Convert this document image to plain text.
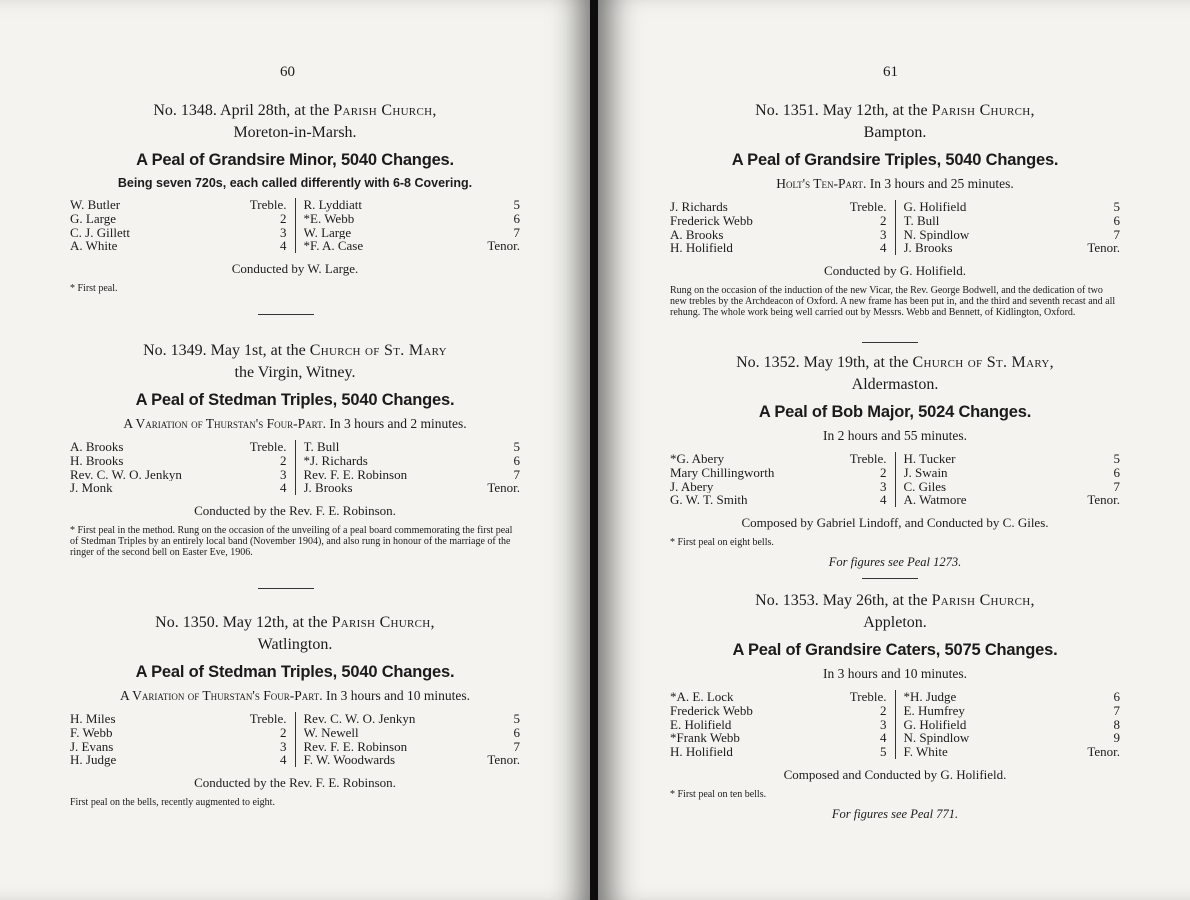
60
No. 1348. April 28th, at the Parish Church,
Moreton-in-Marsh.
A Peal of Grandsire Minor, 5040 Changes.
Being seven 720s, each called differently with 6-8 Covering.
W. Butler	Treble.
G. Large	2
C. J. Gillett	3
A. White	4
R. Lyddiatt	5
*E. Webb	6
W. Large	7
*F. A. Case	Tenor.
Conducted by W. Large.
* First peal.
No. 1349. May 1st, at the Church of St. Mary
the Virgin, Witney.
A Peal of Stedman Triples, 5040 Changes.
A Variation of Thurstan's Four-Part. In 3 hours and 2 minutes.
A. Brooks	Treble.
H. Brooks	2
Rev. C. W. O. Jenkyn	3
J. Monk	4
T. Bull	5
*J. Richards	6
Rev. F. E. Robinson	7
J. Brooks	Tenor.
Conducted by the Rev. F. E. Robinson.
* First peal in the method. Rung on the occasion of the unveiling of a peal board commemorating the first peal of Stedman Triples by an entirely local band (November 1904), and also rung in honour of the marriage of the ringer of the second bell on Easter Eve, 1906.
No. 1350. May 12th, at the Parish Church,
Watlington.
A Peal of Stedman Triples, 5040 Changes.
A Variation of Thurstan's Four-Part. In 3 hours and 10 minutes.
H. Miles	Treble.
F. Webb	2
J. Evans	3
H. Judge	4
Rev. C. W. O. Jenkyn	5
W. Newell	6
Rev. F. E. Robinson	7
F. W. Woodwards	Tenor.
Conducted by the Rev. F. E. Robinson.
First peal on the bells, recently augmented to eight.
61
No. 1351. May 12th, at the Parish Church,
Bampton.
A Peal of Grandsire Triples, 5040 Changes.
Holt's Ten-Part. In 3 hours and 25 minutes.
J. Richards	Treble.
Frederick Webb	2
A. Brooks	3
H. Holifield	4
G. Holifield	5
T. Bull	6
N. Spindlow	7
J. Brooks	Tenor.
Conducted by G. Holifield.
Rung on the occasion of the induction of the new Vicar, the Rev. George Bodwell, and the dedication of two new trebles by the Archdeacon of Oxford. A new frame has been put in, and the third and seventh recast and all rehung. The whole work being well carried out by Messrs. Webb and Bennett, of Kidlington, Oxford.
No. 1352. May 19th, at the Church of St. Mary,
Aldermaston.
A Peal of Bob Major, 5024 Changes.
In 2 hours and 55 minutes.
*G. Abery	Treble.
Mary Chillingworth	2
J. Abery	3
G. W. T. Smith	4
H. Tucker	5
J. Swain	6
C. Giles	7
A. Watmore	Tenor.
Composed by Gabriel Lindoff, and Conducted by C. Giles.
* First peal on eight bells.
For figures see Peal 1273.
No. 1353. May 26th, at the Parish Church,
Appleton.
A Peal of Grandsire Caters, 5075 Changes.
In 3 hours and 10 minutes.
*A. E. Lock	Treble.
Frederick Webb	2
E. Holifield	3
*Frank Webb	4
H. Holifield	5
*H. Judge	6
E. Humfrey	7
G. Holifield	8
N. Spindlow	9
F. White	Tenor.
Composed and Conducted by G. Holifield.
* First peal on ten bells.
For figures see Peal 771.
